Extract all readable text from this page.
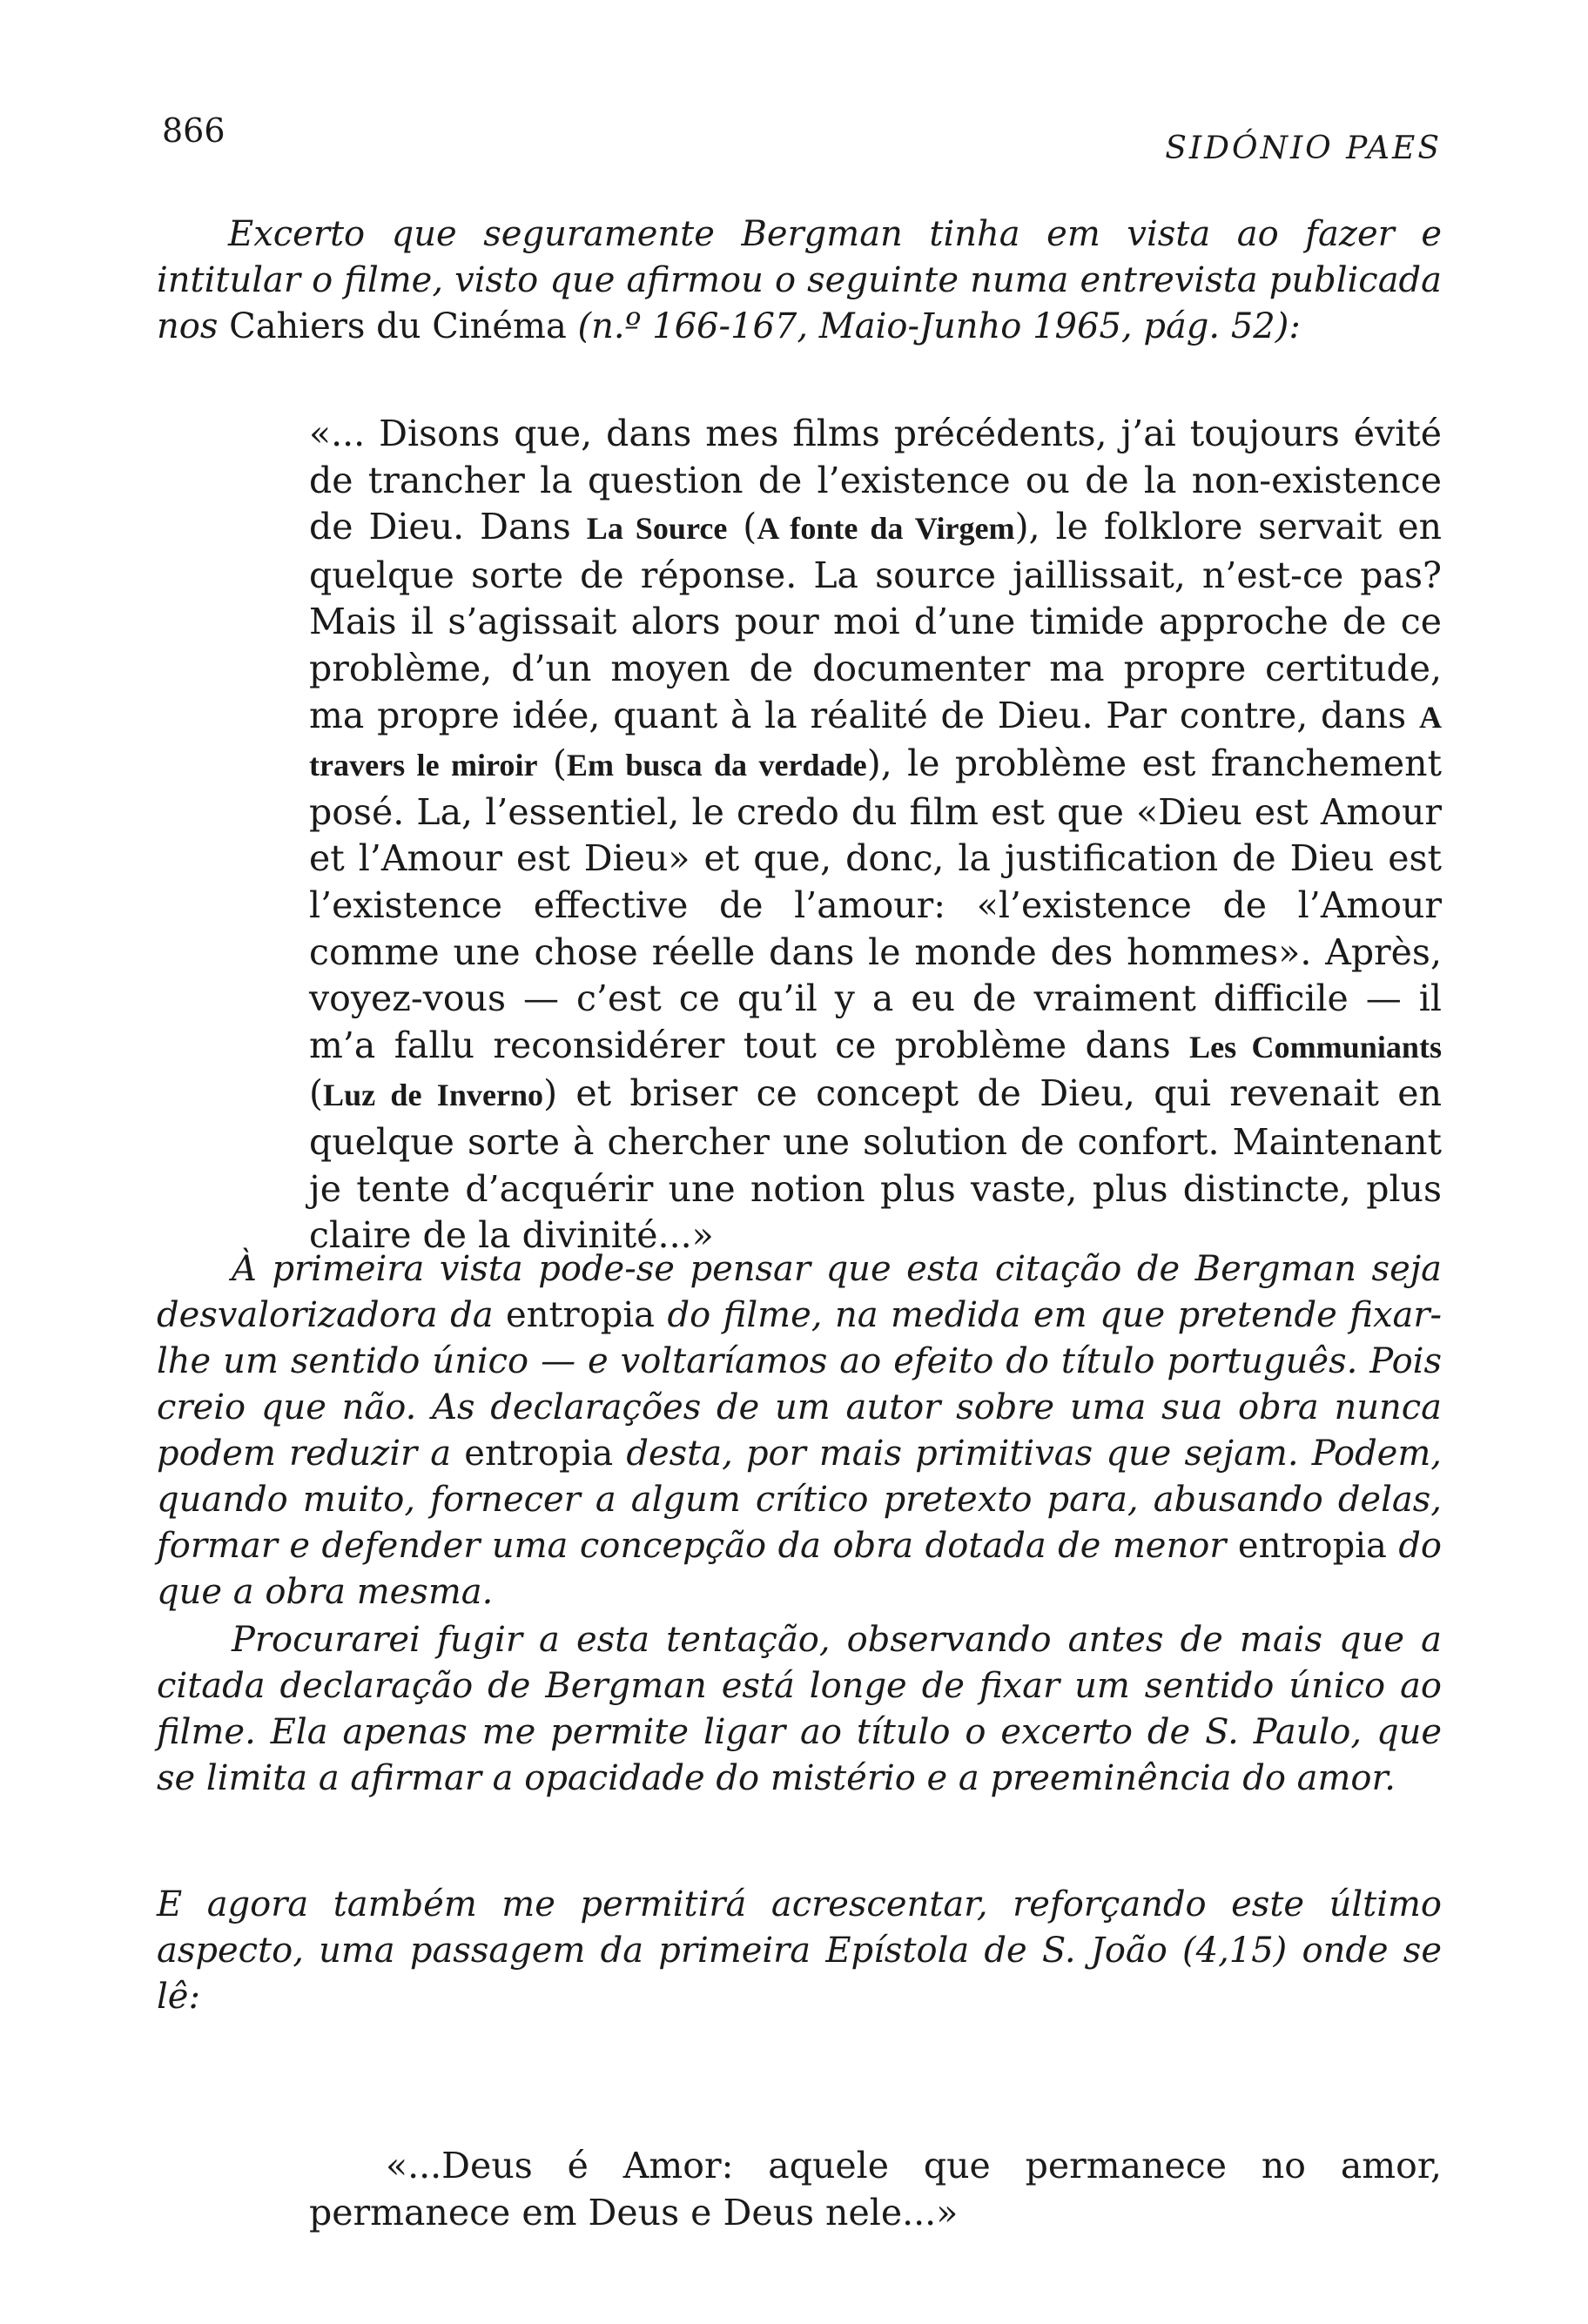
866	SIDÓNIO PAES

Excerto que seguramente Bergman tinha em vista ao fazer e intitular o filme, visto que afirmou o seguinte numa entrevista publicada nos Cahiers du Cinéma (n.º 166-167, Maio-Junho 1965, pág. 52):

«... Disons que, dans mes films précédents, j’ai toujours évité de trancher la question de l’existence ou de la non-existence de Dieu. Dans La Source (A fonte da Virgem), le folklore servait en quelque sorte de réponse. La source jaillissait, n’est-ce pas? Mais il s’agissait alors pour moi d’une timide approche de ce problème, d’un moyen de documenter ma propre certitude, ma propre idée, quant à la réalité de Dieu. Par contre, dans A travers le miroir (Em busca da verdade), le problème est franchement posé. La, l’essentiel, le credo du film est que «Dieu est Amour et l’Amour est Dieu» et que, donc, la justification de Dieu est l’existence effective de l’amour: «l’existence de l’Amour comme une chose réelle dans le monde des hommes». Après, voyez-vous — c’est ce qu’il y a eu de vraiment difficile — il m’a fallu reconsidérer tout ce problème dans Les Communiants (Luz de Inverno) et briser ce concept de Dieu, qui revenait en quelque sorte à chercher une solution de confort. Maintenant je tente d’acquérir une notion plus vaste, plus distincte, plus claire de la divinité...»

À primeira vista pode-se pensar que esta citação de Bergman seja desvalorizadora da entropia do filme, na medida em que pretende fixar-lhe um sentido único — e voltaríamos ao efeito do título português. Pois creio que não. As declarações de um autor sobre uma sua obra nunca podem reduzir a entropia desta, por mais primitivas que sejam. Podem, quando muito, fornecer a algum crítico pretexto para, abusando delas, formar e defender uma concepção da obra dotada de menor entropia do que a obra mesma.

Procurarei fugir a esta tentação, observando antes de mais que a citada declaração de Bergman está longe de fixar um sentido único ao filme. Ela apenas me permite ligar ao título o excerto de S. Paulo, que se limita a afirmar a opacidade do mistério e a preeminência do amor.

E agora também me permitirá acrescentar, reforçando este último aspecto, uma passagem da primeira Epístola de S. João (4,15) onde se lê:

«...Deus é Amor: aquele que permanece no amor, permanece em Deus e Deus nele...»
